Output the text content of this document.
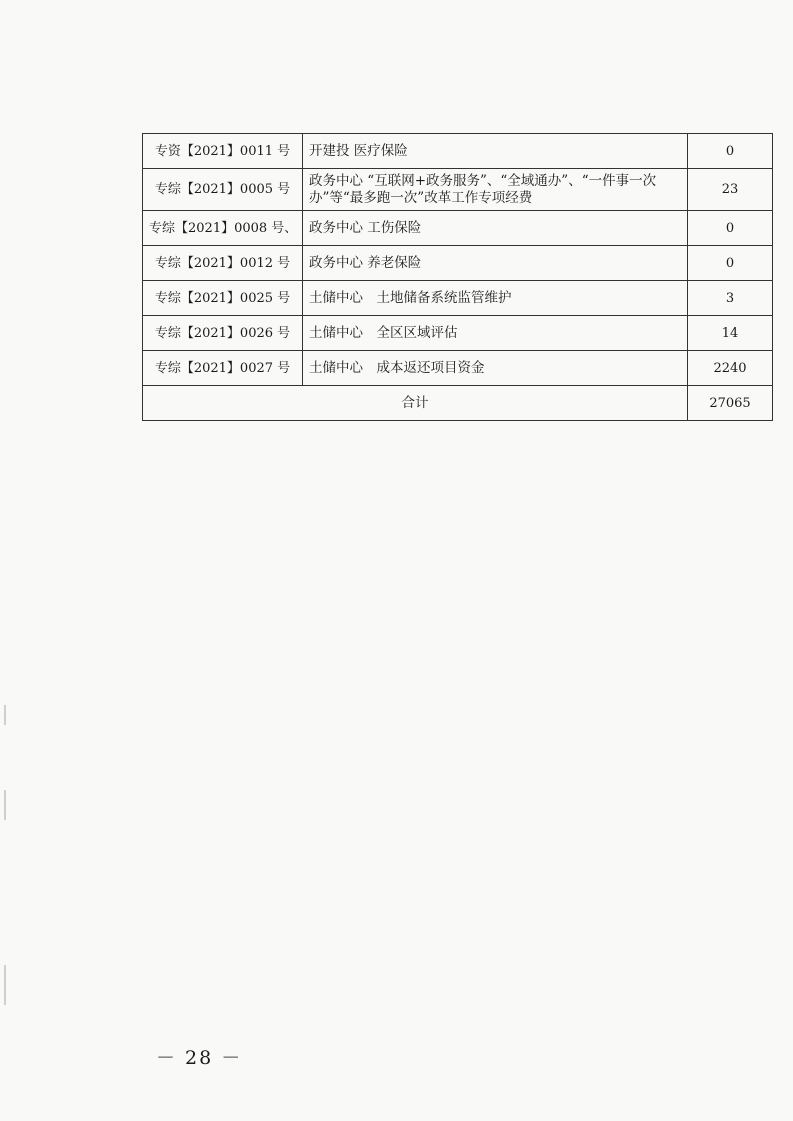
专资【2021】0011 号	开建投 医疗保险	0
专综【2021】0005 号	政务中心 “互联网+政务服务”、“全域通办”、“一件事一次办”等“最多跑一次”改革工作专项经费	23
专综【2021】0008 号、	政务中心 工伤保险	0
专综【2021】0012 号	政务中心 养老保险	0
专综【2021】0025 号	土储中心　土地储备系统监管维护	3
专综【2021】0026 号	土储中心　全区区域评估	14
专综【2021】0027 号	土储中心　成本返还项目资金	2240
合计		27065
－ 28 －
